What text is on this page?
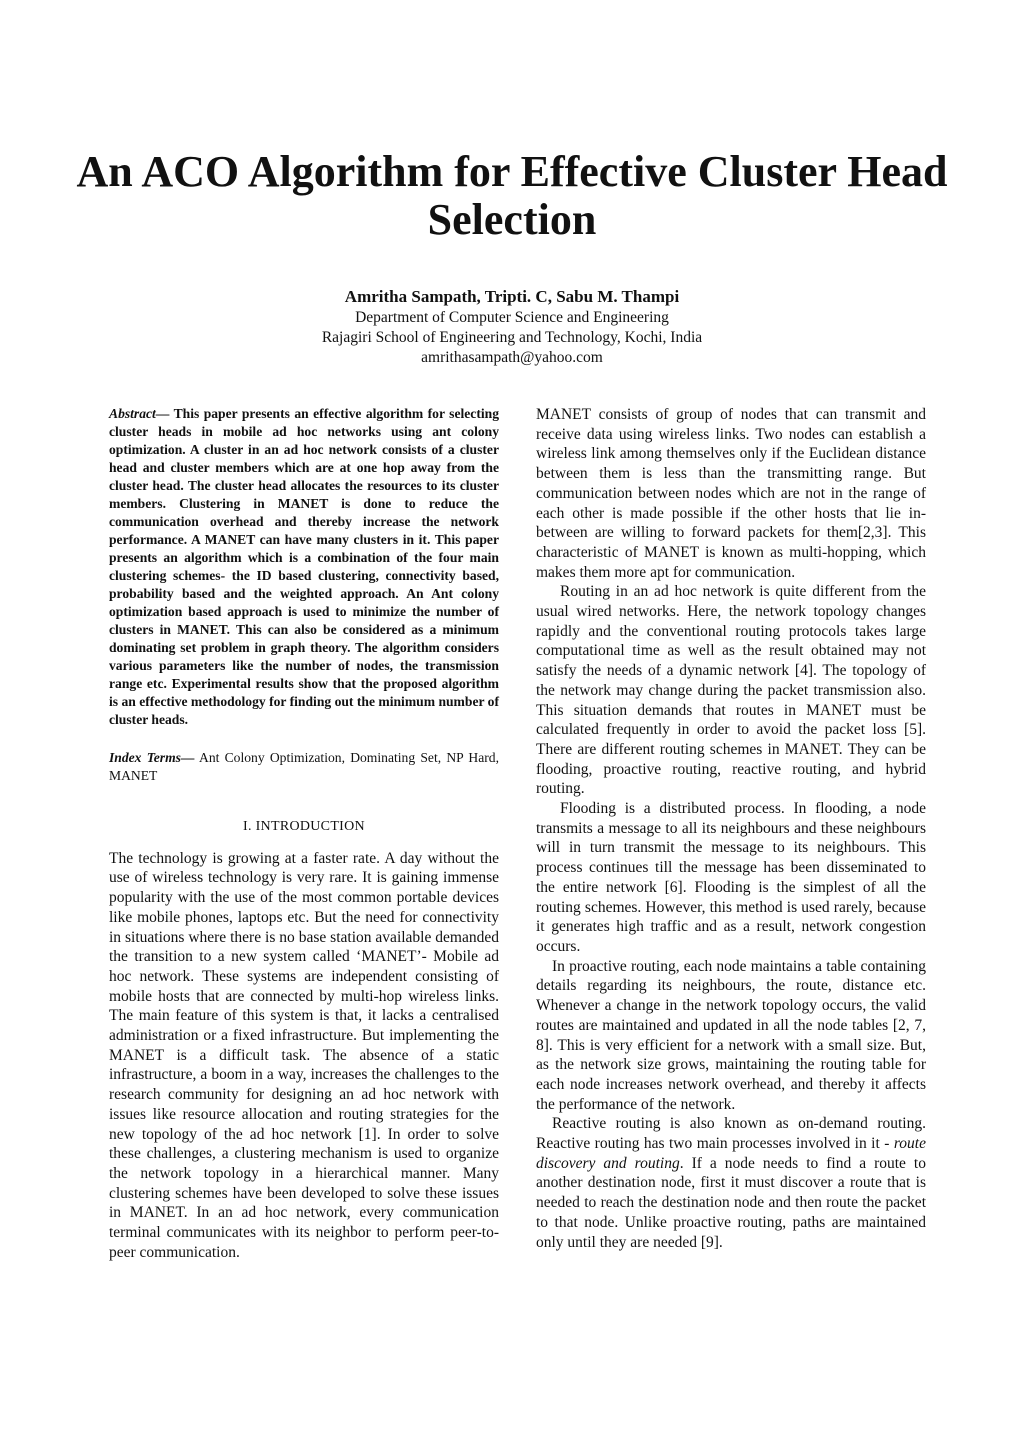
An ACO Algorithm for Effective Cluster Head Selection
Amritha Sampath, Tripti. C, Sabu M. Thampi
Department of Computer Science and Engineering
Rajagiri School of Engineering and Technology, Kochi, India
amrithasampath@yahoo.com

Abstract— This paper presents an effective algorithm for selecting cluster heads in mobile ad hoc networks using ant colony optimization. A cluster in an ad hoc network consists of a cluster head and cluster members which are at one hop away from the cluster head. The cluster head allocates the resources to its cluster members. Clustering in MANET is done to reduce the communication overhead and thereby increase the network performance. A MANET can have many clusters in it. This paper presents an algorithm which is a combination of the four main clustering schemes- the ID based clustering, connectivity based, probability based and the weighted approach. An Ant colony optimization based approach is used to minimize the number of clusters in MANET. This can also be considered as a minimum dominating set problem in graph theory. The algorithm considers various parameters like the number of nodes, the transmission range etc. Experimental results show that the proposed algorithm is an effective methodology for finding out the minimum number of cluster heads.

Index Terms— Ant Colony Optimization, Dominating Set, NP Hard, MANET

I. INTRODUCTION

The technology is growing at a faster rate. A day without the use of wireless technology is very rare. It is gaining immense popularity with the use of the most common portable devices like mobile phones, laptops etc. But the need for connectivity in situations where there is no base station available demanded the transition to a new system called ‘MANET’- Mobile ad hoc network. These systems are independent consisting of mobile hosts that are connected by multi-hop wireless links. The main feature of this system is that, it lacks a centralised administration or a fixed infrastructure. But implementing the MANET is a difficult task. The absence of a static infrastructure, a boom in a way, increases the challenges to the research community for designing an ad hoc network with issues like resource allocation and routing strategies for the new topology of the ad hoc network [1]. In order to solve these challenges, a clustering mechanism is used to organize the network topology in a hierarchical manner. Many clustering schemes have been developed to solve these issues in MANET. In an ad hoc network, every communication terminal communicates with its neighbor to perform peer-to-peer communication.

MANET consists of group of nodes that can transmit and receive data using wireless links. Two nodes can establish a wireless link among themselves only if the Euclidean distance between them is less than the transmitting range. But communication between nodes which are not in the range of each other is made possible if the other hosts that lie in-between are willing to forward packets for them[2,3]. This characteristic of MANET is known as multi-hopping, which makes them more apt for communication.

Routing in an ad hoc network is quite different from the usual wired networks. Here, the network topology changes rapidly and the conventional routing protocols takes large computational time as well as the result obtained may not satisfy the needs of a dynamic network [4]. The topology of the network may change during the packet transmission also. This situation demands that routes in MANET must be calculated frequently in order to avoid the packet loss [5]. There are different routing schemes in MANET. They can be flooding, proactive routing, reactive routing, and hybrid routing.

Flooding is a distributed process. In flooding, a node transmits a message to all its neighbours and these neighbours will in turn transmit the message to its neighbours. This process continues till the message has been disseminated to the entire network [6]. Flooding is the simplest of all the routing schemes. However, this method is used rarely, because it generates high traffic and as a result, network congestion occurs.

In proactive routing, each node maintains a table containing details regarding its neighbours, the route, distance etc. Whenever a change in the network topology occurs, the valid routes are maintained and updated in all the node tables [2, 7, 8]. This is very efficient for a network with a small size. But, as the network size grows, maintaining the routing table for each node increases network overhead, and thereby it affects the performance of the network.

Reactive routing is also known as on-demand routing. Reactive routing has two main processes involved in it - route discovery and routing. If a node needs to find a route to another destination node, first it must discover a route that is needed to reach the destination node and then route the packet to that node. Unlike proactive routing, paths are maintained only until they are needed [9].
